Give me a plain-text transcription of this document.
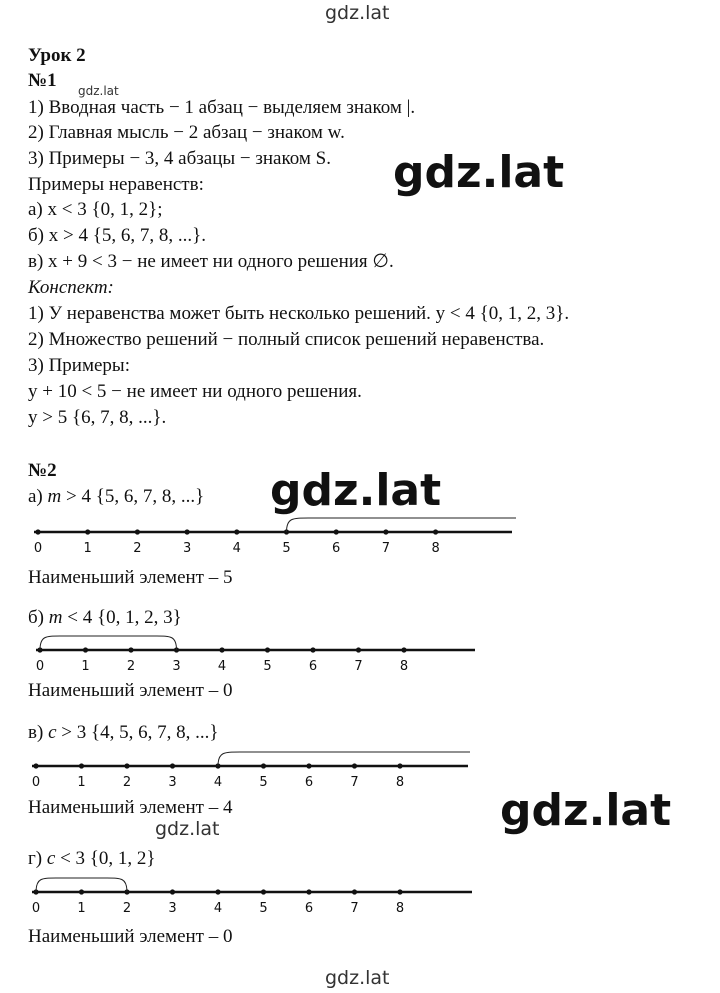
gdz.lat
gdz.lat
gdz.lat
gdz.lat
gdz.lat
gdz.lat
gdz.lat
Урок 2
№1
1) Вводная часть − 1 абзац − выделяем знаком |.
2) Главная мысль − 2 абзац − знаком w.
3) Примеры − 3, 4 абзацы − знаком S.
Примеры неравенств:
а) x < 3 {0, 1, 2};
б) x > 4 {5, 6, 7, 8, ...}.
в) x + 9 < 3 − не имеет ни одного решения ∅.
Конспект:
1) У неравенства может быть несколько решений. y < 4 {0, 1, 2, 3}.
2) Множество решений − полный список решений неравенства.
3) Примеры:
y + 10 < 5 − не имеет ни одного решения.
y > 5 {6, 7, 8, ...}.
№2
а) m > 4 {5, 6, 7, 8, ...}
0	1	2	3	4	5	6	7	8
Наименьший элемент – 5
б) m < 4 {0, 1, 2, 3}
0	1	2	3	4	5	6	7	8
Наименьший элемент – 0
в) c > 3 {4, 5, 6, 7, 8, ...}
0	1	2	3	4	5	6	7	8
Наименьший элемент – 4
г) c < 3 {0, 1, 2}
0	1	2	3	4	5	6	7	8
Наименьший элемент – 0
